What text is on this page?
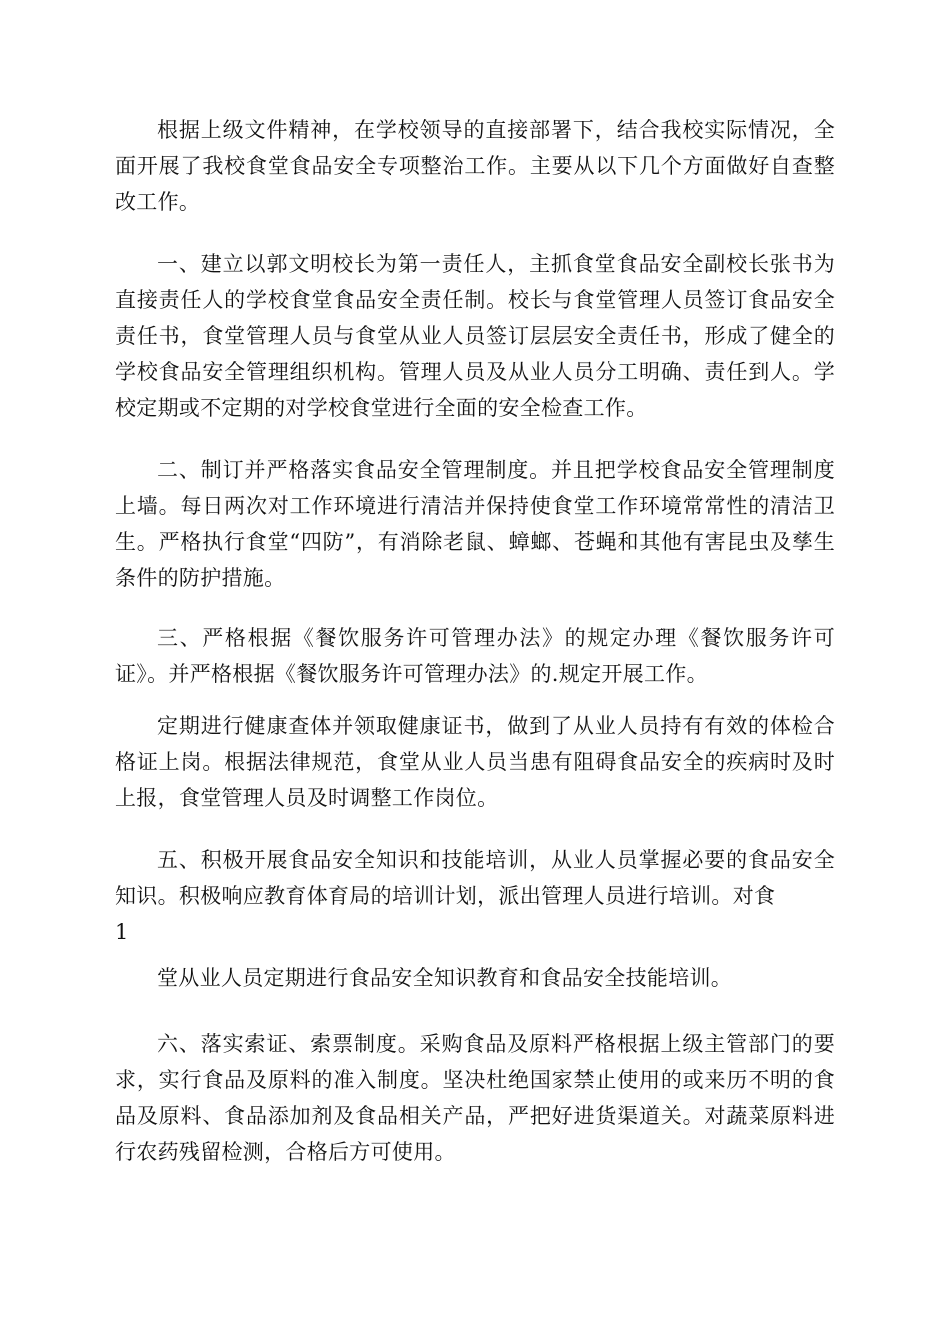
根据上级文件精神，在学校领导的直接部署下，结合我校实际情况，全面开展了我校食堂食品安全专项整治工作。主要从以下几个方面做好自查整改工作。

一、建立以郭文明校长为第一责任人，主抓食堂食品安全副校长张书为直接责任人的学校食堂食品安全责任制。校长与食堂管理人员签订食品安全责任书，食堂管理人员与食堂从业人员签订层层安全责任书，形成了健全的学校食品安全管理组织机构。管理人员及从业人员分工明确、责任到人。学校定期或不定期的对学校食堂进行全面的安全检查工作。

二、制订并严格落实食品安全管理制度。并且把学校食品安全管理制度上墙。每日两次对工作环境进行清洁并保持使食堂工作环境常常性的清洁卫生。严格执行食堂“四防”，有消除老鼠、蟑螂、苍蝇和其他有害昆虫及孳生条件的防护措施。

三、严格根据《餐饮服务许可管理办法》的规定办理《餐饮服务许可证》。并严格根据《餐饮服务许可管理办法》的.规定开展工作。

定期进行健康查体并领取健康证书，做到了从业人员持有有效的体检合格证上岗。根据法律规范，食堂从业人员当患有阻碍食品安全的疾病时及时上报，食堂管理人员及时调整工作岗位。

五、积极开展食品安全知识和技能培训，从业人员掌握必要的食品安全知识。积极响应教育体育局的培训计划，派出管理人员进行培训。对食

1

堂从业人员定期进行食品安全知识教育和食品安全技能培训。

六、落实索证、索票制度。采购食品及原料严格根据上级主管部门的要求，实行食品及原料的准入制度。坚决杜绝国家禁止使用的或来历不明的食品及原料、食品添加剂及食品相关产品，严把好进货渠道关。对蔬菜原料进行农药残留检测，合格后方可使用。
